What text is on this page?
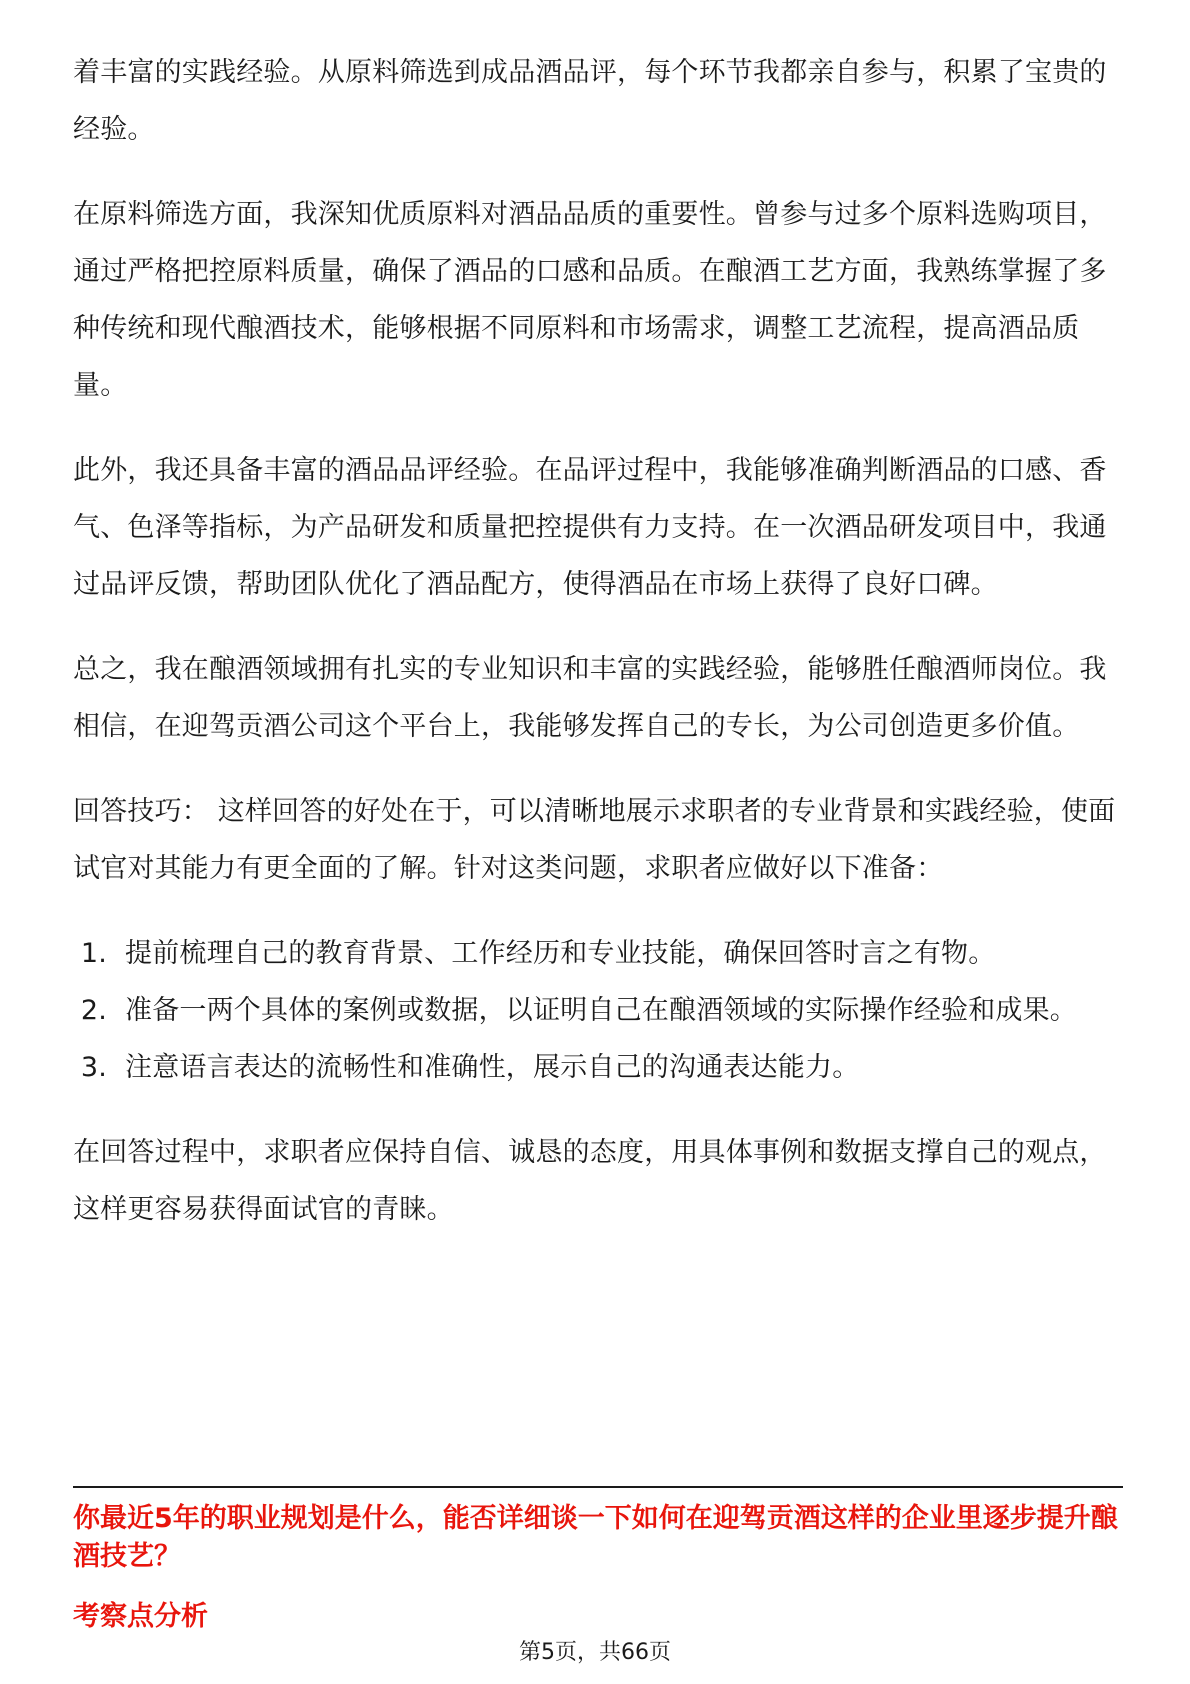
着丰富的实践经验。从原料筛选到成品酒品评，每个环节我都亲自参与，积累了宝贵的经验。

在原料筛选方面，我深知优质原料对酒品品质的重要性。曾参与过多个原料选购项目，通过严格把控原料质量，确保了酒品的口感和品质。在酿酒工艺方面，我熟练掌握了多种传统和现代酿酒技术，能够根据不同原料和市场需求，调整工艺流程，提高酒品质量。

此外，我还具备丰富的酒品品评经验。在品评过程中，我能够准确判断酒品的口感、香气、色泽等指标，为产品研发和质量把控提供有力支持。在一次酒品研发项目中，我通过品评反馈，帮助团队优化了酒品配方，使得酒品在市场上获得了良好口碑。

总之，我在酿酒领域拥有扎实的专业知识和丰富的实践经验，能够胜任酿酒师岗位。我相信，在迎驾贡酒公司这个平台上，我能够发挥自己的专长，为公司创造更多价值。

回答技巧： 这样回答的好处在于，可以清晰地展示求职者的专业背景和实践经验，使面试官对其能力有更全面的了解。针对这类问题，求职者应做好以下准备：

1. 提前梳理自己的教育背景、工作经历和专业技能，确保回答时言之有物。
2. 准备一两个具体的案例或数据，以证明自己在酿酒领域的实际操作经验和成果。
3. 注意语言表达的流畅性和准确性，展示自己的沟通表达能力。

在回答过程中，求职者应保持自信、诚恳的态度，用具体事例和数据支撑自己的观点，这样更容易获得面试官的青睐。

你最近5年的职业规划是什么，能否详细谈一下如何在迎驾贡酒这样的企业里逐步提升酿酒技艺？
考察点分析
第5页，共66页
